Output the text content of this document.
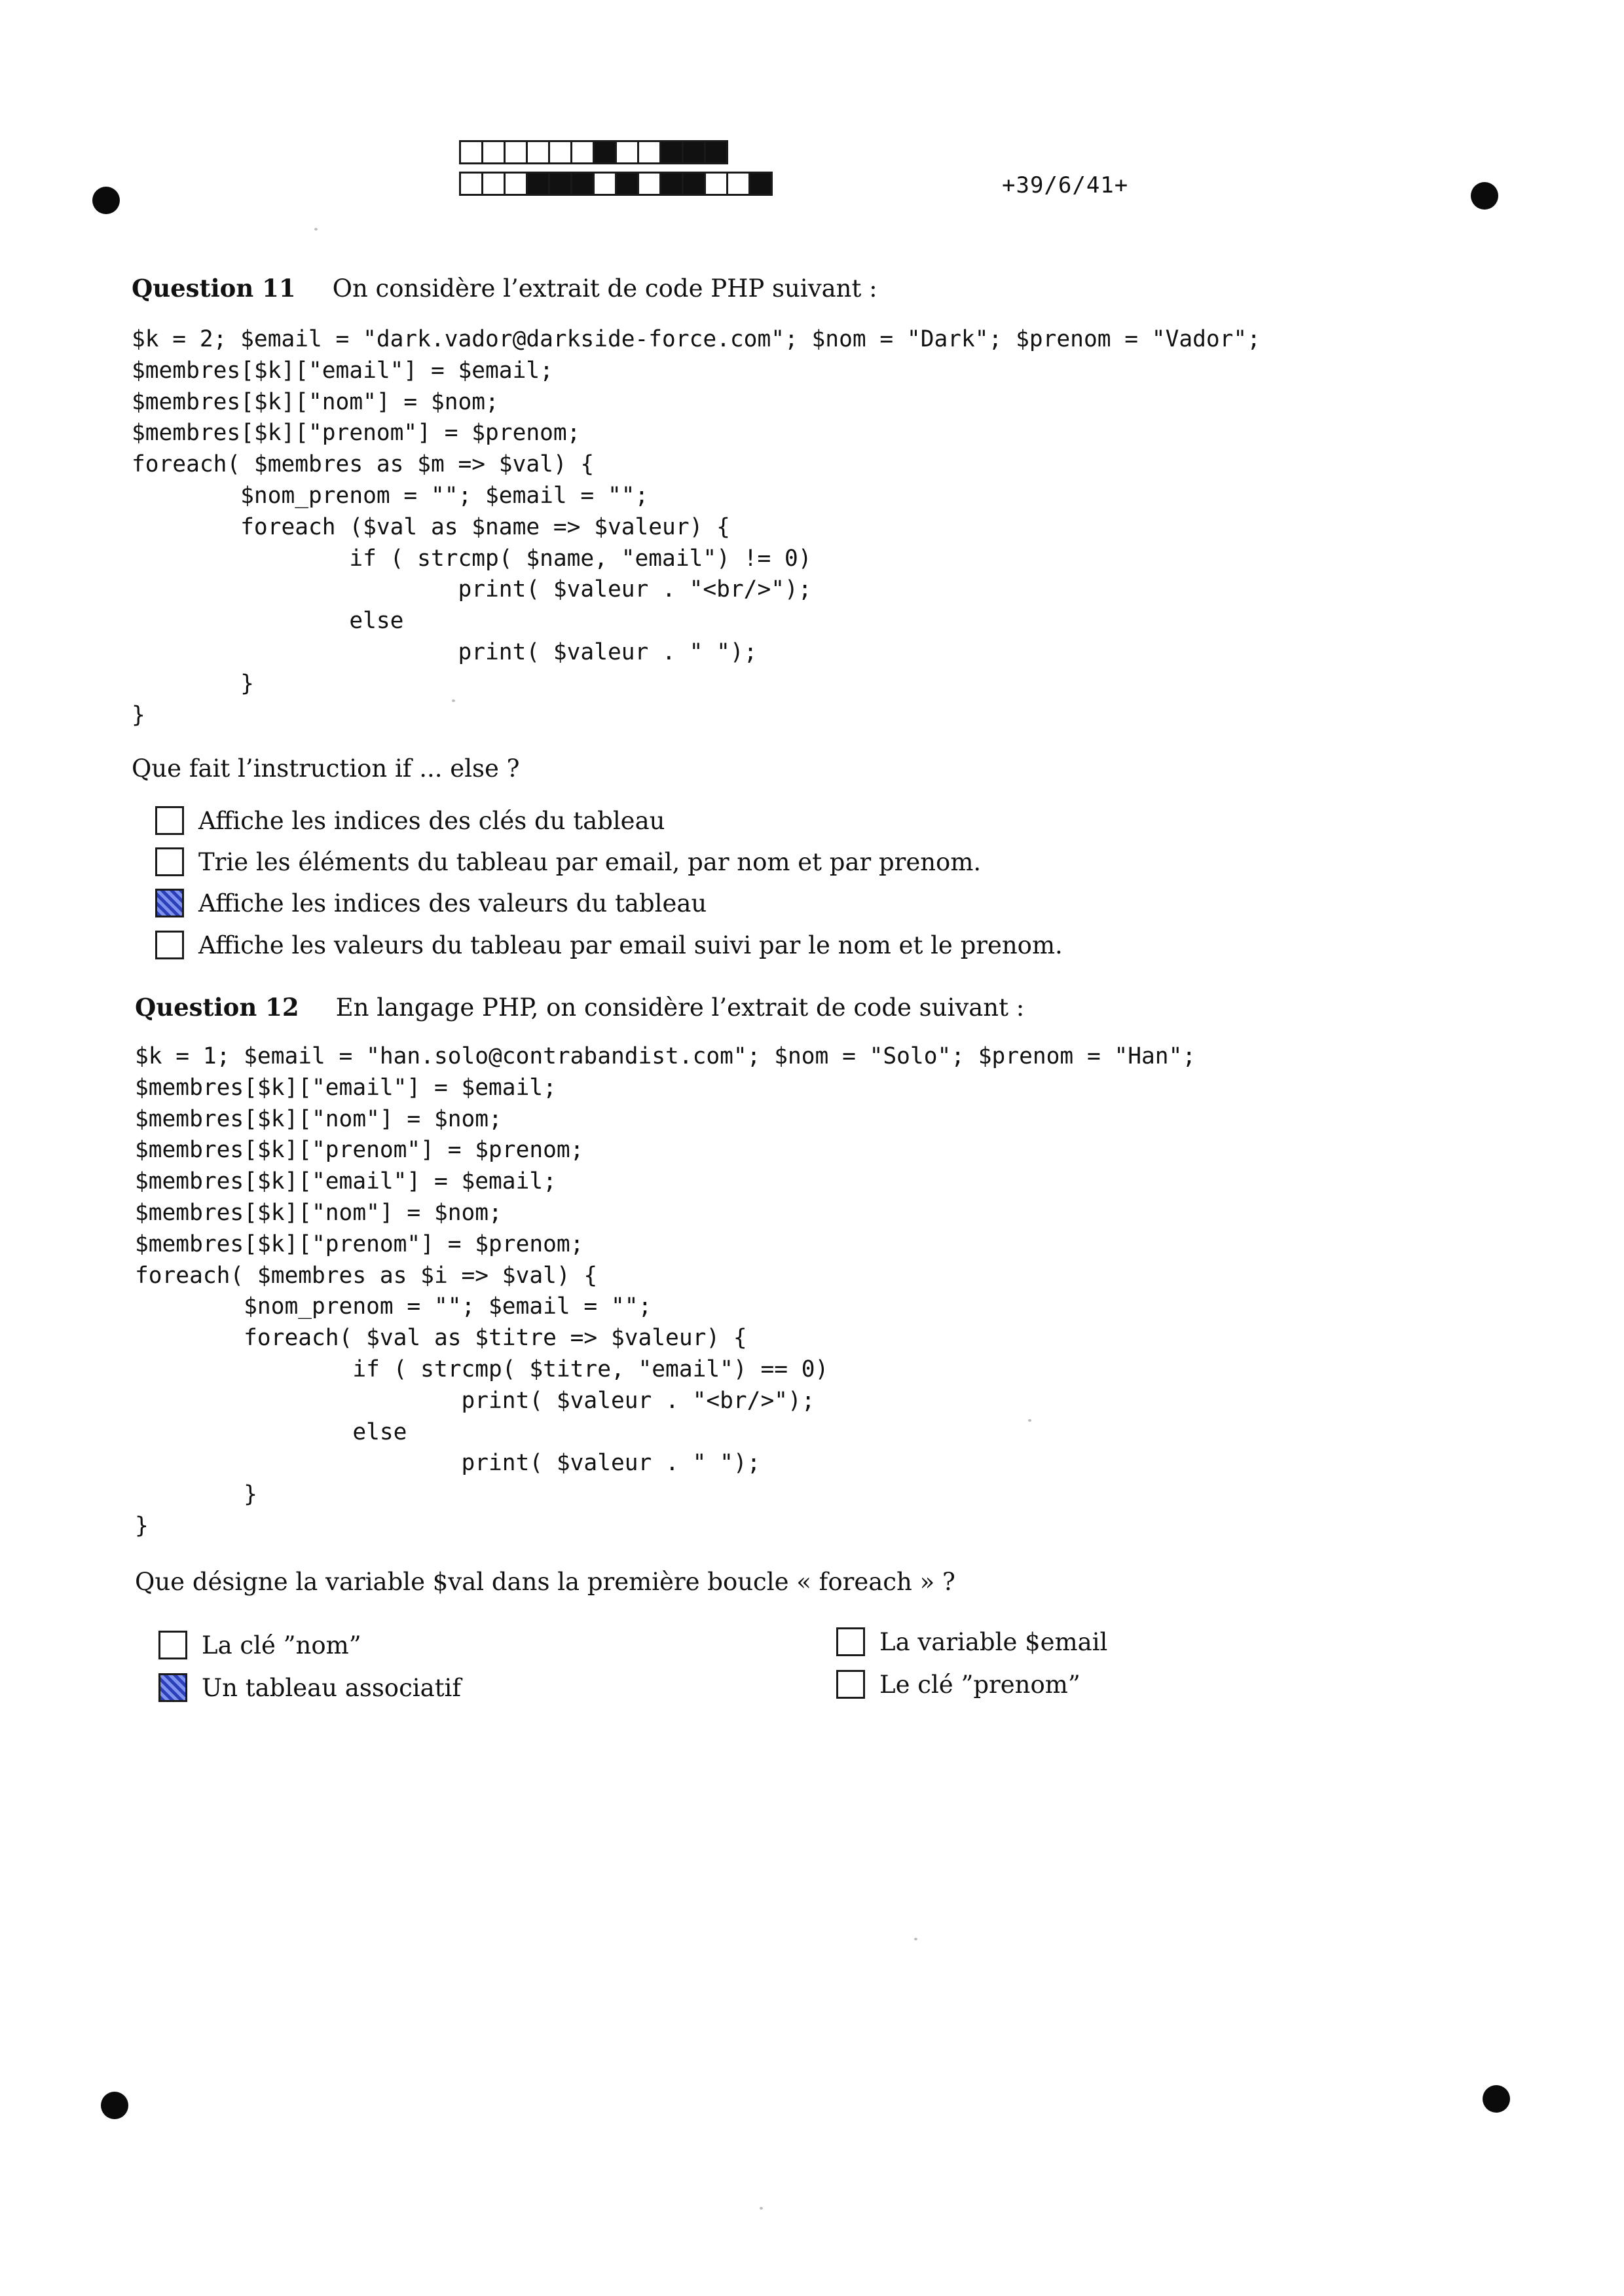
+39/6/41+
Question 11 On considère l’extrait de code PHP suivant :
$k = 2; $email = "dark.vador@darkside-force.com"; $nom = "Dark"; $prenom = "Vador";
$membres[$k]["email"] = $email;
$membres[$k]["nom"] = $nom;
$membres[$k]["prenom"] = $prenom;
foreach( $membres as $m => $val) {
$nom_prenom = ""; $email = "";
foreach ($val as $name => $valeur) {
if ( strcmp( $name, "email") != 0)
print( $valeur . "<br/>");
else
print( $valeur . " ");
}
}
Que fait l’instruction if ... else ?
Affiche les indices des clés du tableau
Trie les éléments du tableau par email, par nom et par prenom.
Affiche les indices des valeurs du tableau
Affiche les valeurs du tableau par email suivi par le nom et le prenom.
Question 12 En langage PHP, on considère l’extrait de code suivant :
$k = 1; $email = "han.solo@contrabandist.com"; $nom = "Solo"; $prenom = "Han";
$membres[$k]["email"] = $email;
$membres[$k]["nom"] = $nom;
$membres[$k]["prenom"] = $prenom;
$membres[$k]["email"] = $email;
$membres[$k]["nom"] = $nom;
$membres[$k]["prenom"] = $prenom;
foreach( $membres as $i => $val) {
$nom_prenom = ""; $email = "";
foreach( $val as $titre => $valeur) {
if ( strcmp( $titre, "email") == 0)
print( $valeur . "<br/>");
else
print( $valeur . " ");
}
}
Que désigne la variable $val dans la première boucle « foreach » ?
La clé ”nom”
Un tableau associatif
La variable $email
Le clé ”prenom”
